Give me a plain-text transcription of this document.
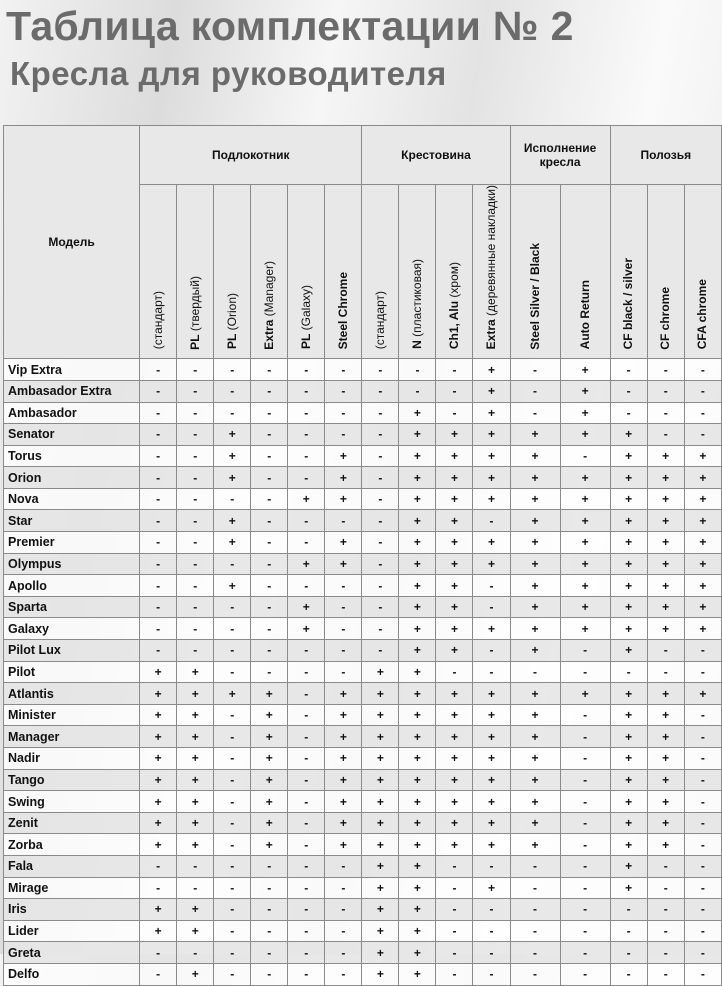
Таблица комплектации № 2
Кресла для руководителя
Модель	Подлокотник						Крестовина				Исполнение кресла		Полозья		
	(стандарт)	PL (твердый)	PL (Orion)	Extra (Manager)	PL (Galaxy)	Steel Chrome	(стандарт)	N (пластиковая)	Ch1, Alu (хром)	Extra (деревянные накладки)	Steel Silver / Black	Auto Return	CF black / silver	CF chrome	CFA chrome
Vip Extra	-	-	-	-	-	-	-	-	-	+	-	+	-	-	-
Ambasador Extra	-	-	-	-	-	-	-	-	-	+	-	+	-	-	-
Ambasador	-	-	-	-	-	-	-	+	-	+	-	+	-	-	-
Senator	-	-	+	-	-	-	-	+	+	+	+	+	+	-	-
Torus	-	-	+	-	-	+	-	+	+	+	+	-	+	+	+
Orion	-	-	+	-	-	+	-	+	+	+	+	+	+	+	+
Nova	-	-	-	-	+	+	-	+	+	+	+	+	+	+	+
Star	-	-	+	-	-	-	-	+	+	-	+	+	+	+	+
Premier	-	-	+	-	-	+	-	+	+	+	+	+	+	+	+
Olympus	-	-	-	-	+	+	-	+	+	+	+	+	+	+	+
Apollo	-	-	+	-	-	-	-	+	+	-	+	+	+	+	+
Sparta	-	-	-	-	+	-	-	+	+	-	+	+	+	+	+
Galaxy	-	-	-	-	+	-	-	+	+	+	+	+	+	+	+
Pilot Lux	-	-	-	-	-	-	-	+	+	-	+	-	+	-	-
Pilot	+	+	-	-	-	-	+	+	-	-	-	-	-	-	-
Atlantis	+	+	+	+	-	+	+	+	+	+	+	+	+	+	+
Minister	+	+	-	+	-	+	+	+	+	+	+	-	+	+	-
Manager	+	+	-	+	-	+	+	+	+	+	+	-	+	+	-
Nadir	+	+	-	+	-	+	+	+	+	+	+	-	+	+	-
Tango	+	+	-	+	-	+	+	+	+	+	+	-	+	+	-
Swing	+	+	-	+	-	+	+	+	+	+	+	-	+	+	-
Zenit	+	+	-	+	-	+	+	+	+	+	+	-	+	+	-
Zorba	+	+	-	+	-	+	+	+	+	+	+	-	+	+	-
Fala	-	-	-	-	-	-	+	+	-	-	-	-	+	-	-
Mirage	-	-	-	-	-	-	+	+	-	+	-	-	+	-	-
Iris	+	+	-	-	-	-	+	+	-	-	-	-	-	-	-
Lider	+	+	-	-	-	-	+	+	-	-	-	-	-	-	-
Greta	-	-	-	-	-	-	+	+	-	-	-	-	-	-	-
Delfo	-	+	-	-	-	-	+	+	-	-	-	-	-	-	-
